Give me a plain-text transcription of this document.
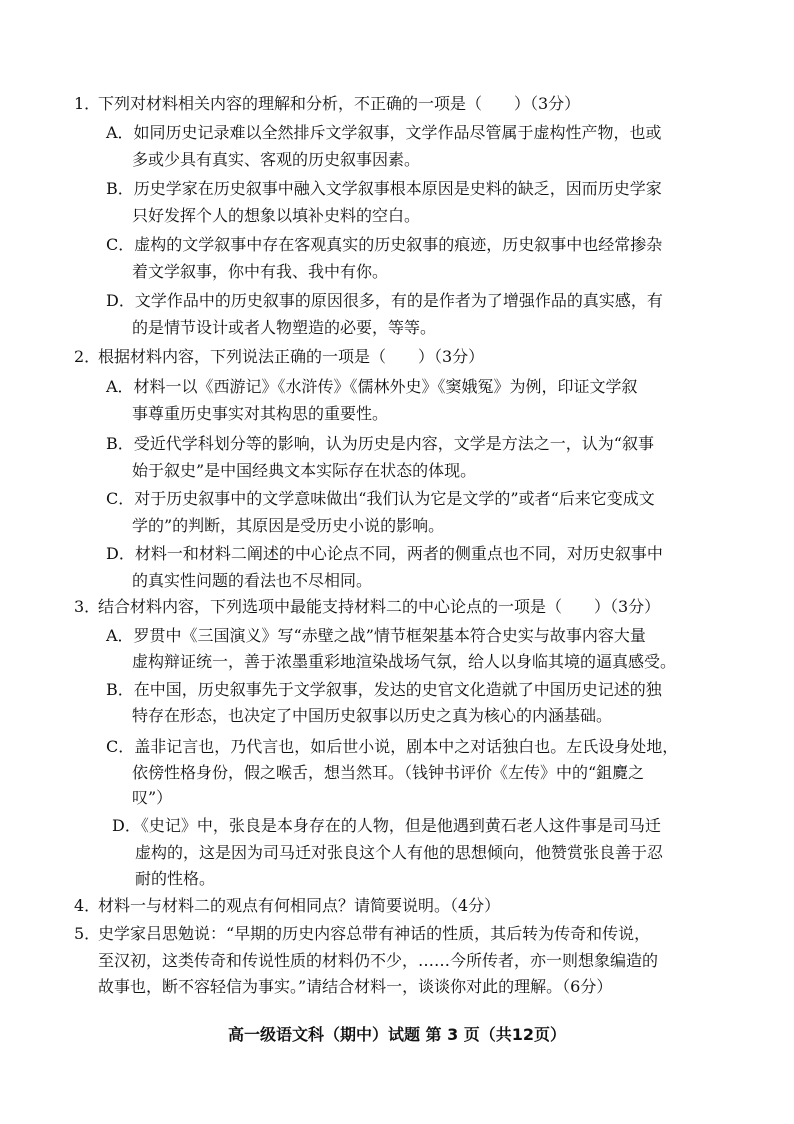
1．下列对材料相关内容的理解和分析，不正确的一项是（　　）（3分）
A．如同历史记录难以全然排斥文学叙事，文学作品尽管属于虚构性产物，也或
多或少具有真实、客观的历史叙事因素。
B．历史学家在历史叙事中融入文学叙事根本原因是史料的缺乏，因而历史学家
只好发挥个人的想象以填补史料的空白。
C．虚构的文学叙事中存在客观真实的历史叙事的痕迹，历史叙事中也经常掺杂
着文学叙事，你中有我、我中有你。
D．文学作品中的历史叙事的原因很多，有的是作者为了增强作品的真实感，有
的是情节设计或者人物塑造的必要，等等。
2．根据材料内容，下列说法正确的一项是（　　）（3分）
A．材料一以《西游记》《水浒传》《儒林外史》《窦娥冤》为例，印证文学叙
事尊重历史事实对其构思的重要性。
B．受近代学科划分等的影响，认为历史是内容，文学是方法之一，认为“叙事
始于叙史”是中国经典文本实际存在状态的体现。
C．对于历史叙事中的文学意味做出“我们认为它是文学的”或者“后来它变成文
学的”的判断，其原因是受历史小说的影响。
D．材料一和材料二阐述的中心论点不同，两者的侧重点也不同，对历史叙事中
的真实性问题的看法也不尽相同。
3．结合材料内容，下列选项中最能支持材料二的中心论点的一项是（　　）（3分）
A．罗贯中《三国演义》写“赤壁之战”情节框架基本符合史实与故事内容大量
虚构辩证统一，善于浓墨重彩地渲染战场气氛，给人以身临其境的逼真感受。
B．在中国，历史叙事先于文学叙事，发达的史官文化造就了中国历史记述的独
特存在形态，也决定了中国历史叙事以历史之真为核心的内涵基础。
C．盖非记言也，乃代言也，如后世小说，剧本中之对话独白也。左氏设身处地，
依傍性格身份，假之喉舌，想当然耳。（钱钟书评价《左传》中的“鉏麑之
叹”）
D．《史记》中，张良是本身存在的人物，但是他遇到黄石老人这件事是司马迁
虚构的，这是因为司马迁对张良这个人有他的思想倾向，他赞赏张良善于忍
耐的性格。
4．材料一与材料二的观点有何相同点？请简要说明。（4分）
5．史学家吕思勉说：“早期的历史内容总带有神话的性质，其后转为传奇和传说，
至汉初，这类传奇和传说性质的材料仍不少，……今所传者，亦一则想象编造的
故事也，断不容轻信为事实。”请结合材料一，谈谈你对此的理解。（6分）
高一级语文科（期中）试题 第 3 页（共12页）
